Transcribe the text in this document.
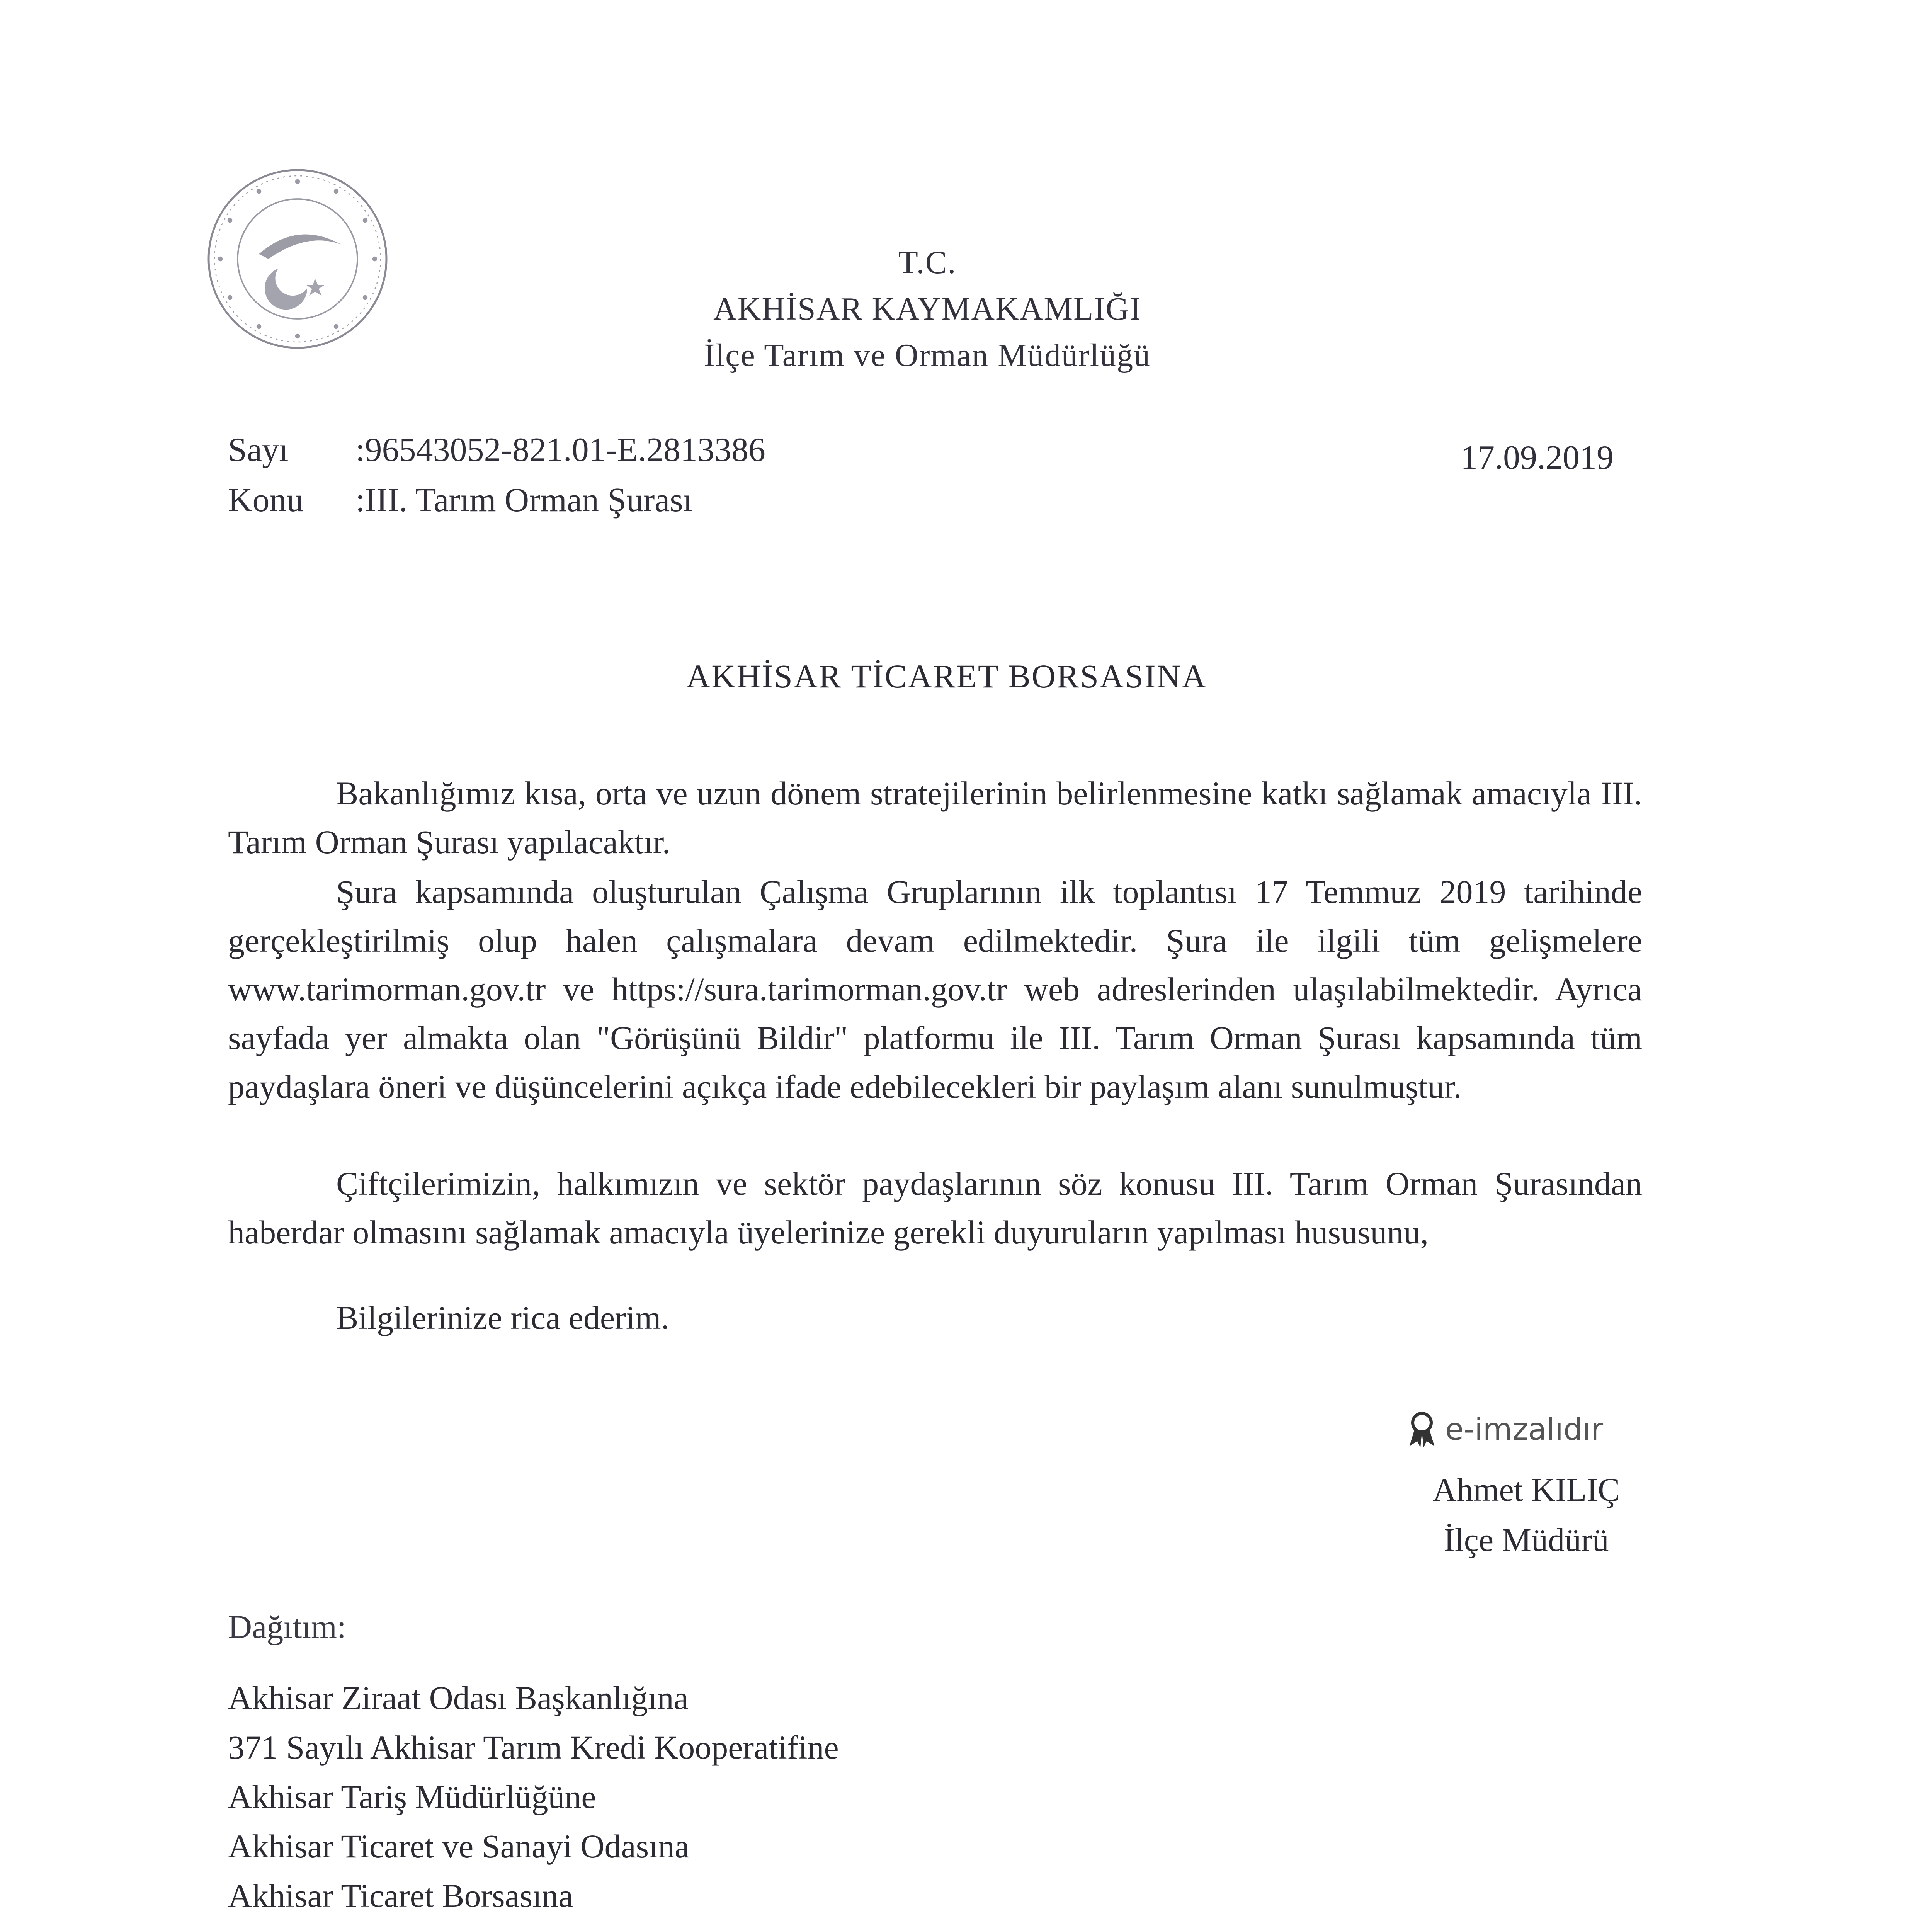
T.C.

AKHİSAR KAYMAKAMLIĞI

İlçe Tarım ve Orman Müdürlüğü

Sayı :96543052-821.01-E.2813386
Konu :III. Tarım Orman Şurası
17.09.2019

AKHİSAR TİCARET BORSASINA

Bakanlığımız kısa, orta ve uzun dönem stratejilerinin belirlenmesine katkı sağlamak amacıyla III. Tarım Orman Şurası yapılacaktır.

Şura kapsamında oluşturulan Çalışma Gruplarının ilk toplantısı 17 Temmuz 2019 tarihinde gerçekleştirilmiş olup halen çalışmalara devam edilmektedir. Şura ile ilgili tüm gelişmelere www.tarimorman.gov.tr ve https://sura.tarimorman.gov.tr web adreslerinden ulaşılabilmektedir. Ayrıca sayfada yer almakta olan "Görüşünü Bildir" platformu ile III. Tarım Orman Şurası kapsamında tüm paydaşlara öneri ve düşüncelerini açıkça ifade edebilecekleri bir paylaşım alanı sunulmuştur.

Çiftçilerimizin, halkımızın ve sektör paydaşlarının söz konusu III. Tarım Orman Şurasından haberdar olmasını sağlamak amacıyla üyelerinize gerekli duyuruların yapılması hususunu,

Bilgilerinize rica ederim.

e-imzalıdır

Ahmet KILIÇ

İlçe Müdürü

Dağıtım:

Akhisar Ziraat Odası Başkanlığına
371 Sayılı Akhisar Tarım Kredi Kooperatifine
Akhisar Tariş Müdürlüğüne
Akhisar Ticaret ve Sanayi Odasına
Akhisar Ticaret Borsasına
